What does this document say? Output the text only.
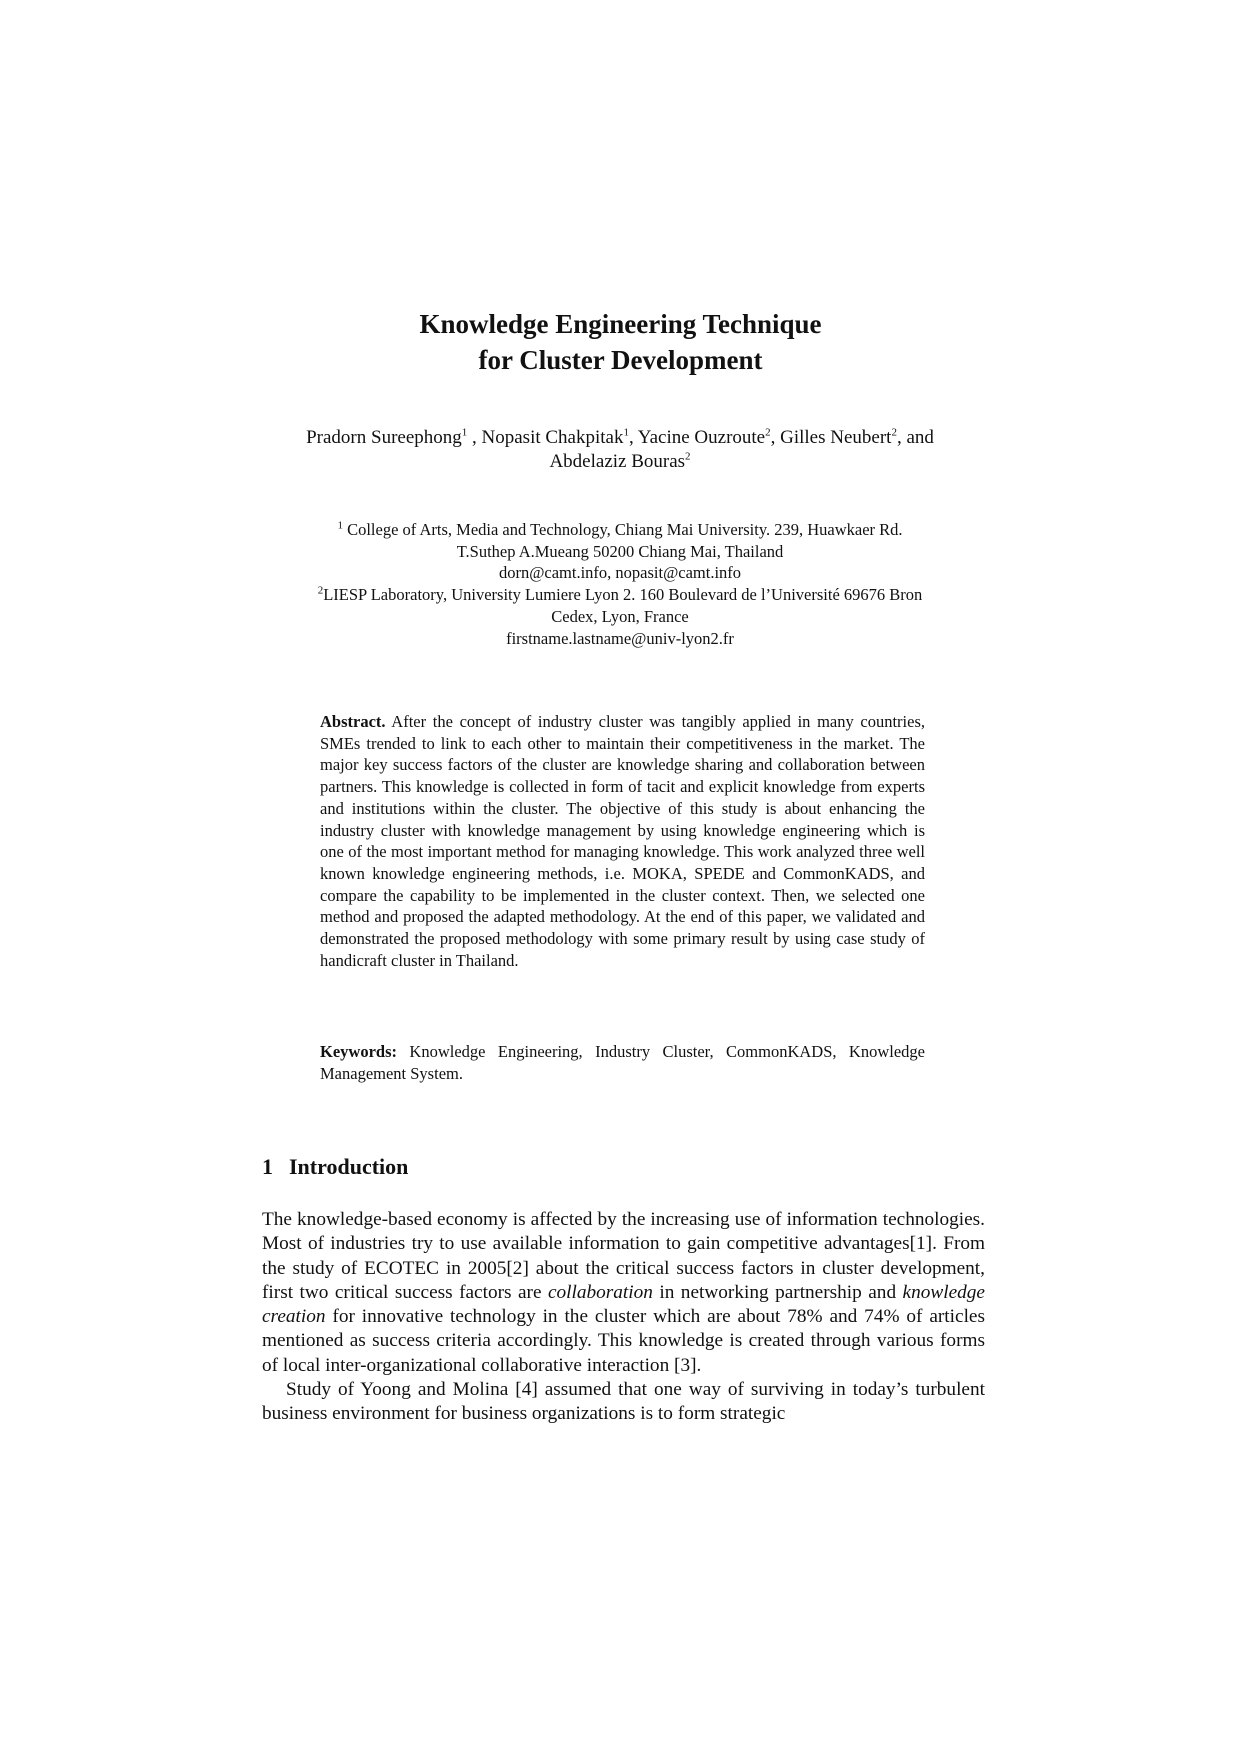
Knowledge Engineering Technique
for Cluster Development
Pradorn Sureephong$^1$ , Nopasit Chakpitak$^1$, Yacine Ouzroute$^2$, Gilles Neubert$^2$, and
Abdelaziz Bouras$^2$
$^1$ College of Arts, Media and Technology, Chiang Mai University. 239, Huawkaer Rd.
T.Suthep A.Mueang 50200 Chiang Mai, Thailand
dorn@camt.info, nopasit@camt.info
$^2$LIESP Laboratory, University Lumiere Lyon 2. 160 Boulevard de l’Université 69676 Bron
Cedex, Lyon, France
firstname.lastname@univ-lyon2.fr

Abstract. After the concept of industry cluster was tangibly applied in many countries, SMEs trended to link to each other to maintain their competitiveness in the market. The major key success factors of the cluster are knowledge sharing and collaboration between partners. This knowledge is collected in form of tacit and explicit knowledge from experts and institutions within the cluster. The objective of this study is about enhancing the industry cluster with knowledge management by using knowledge engineering which is one of the most important method for managing knowledge. This work analyzed three well known knowledge engineering methods, i.e. MOKA, SPEDE and CommonKADS, and compare the capability to be implemented in the cluster context. Then, we selected one method and proposed the adapted methodology. At the end of this paper, we validated and demonstrated the proposed methodology with some primary result by using case study of handicraft cluster in Thailand.

Keywords: Knowledge Engineering, Industry Cluster, CommonKADS, Knowledge Management System.

1 Introduction

The knowledge-based economy is affected by the increasing use of information technologies. Most of industries try to use available information to gain competitive advantages[1]. From the study of ECOTEC in 2005[2] about the critical success factors in cluster development, first two critical success factors are collaboration in networking partnership and knowledge creation for innovative technology in the cluster which are about 78% and 74% of articles mentioned as success criteria accordingly. This knowledge is created through various forms of local inter-organizational collaborative interaction [3].

Study of Yoong and Molina [4] assumed that one way of surviving in today’s turbulent business environment for business organizations is to form strategic
